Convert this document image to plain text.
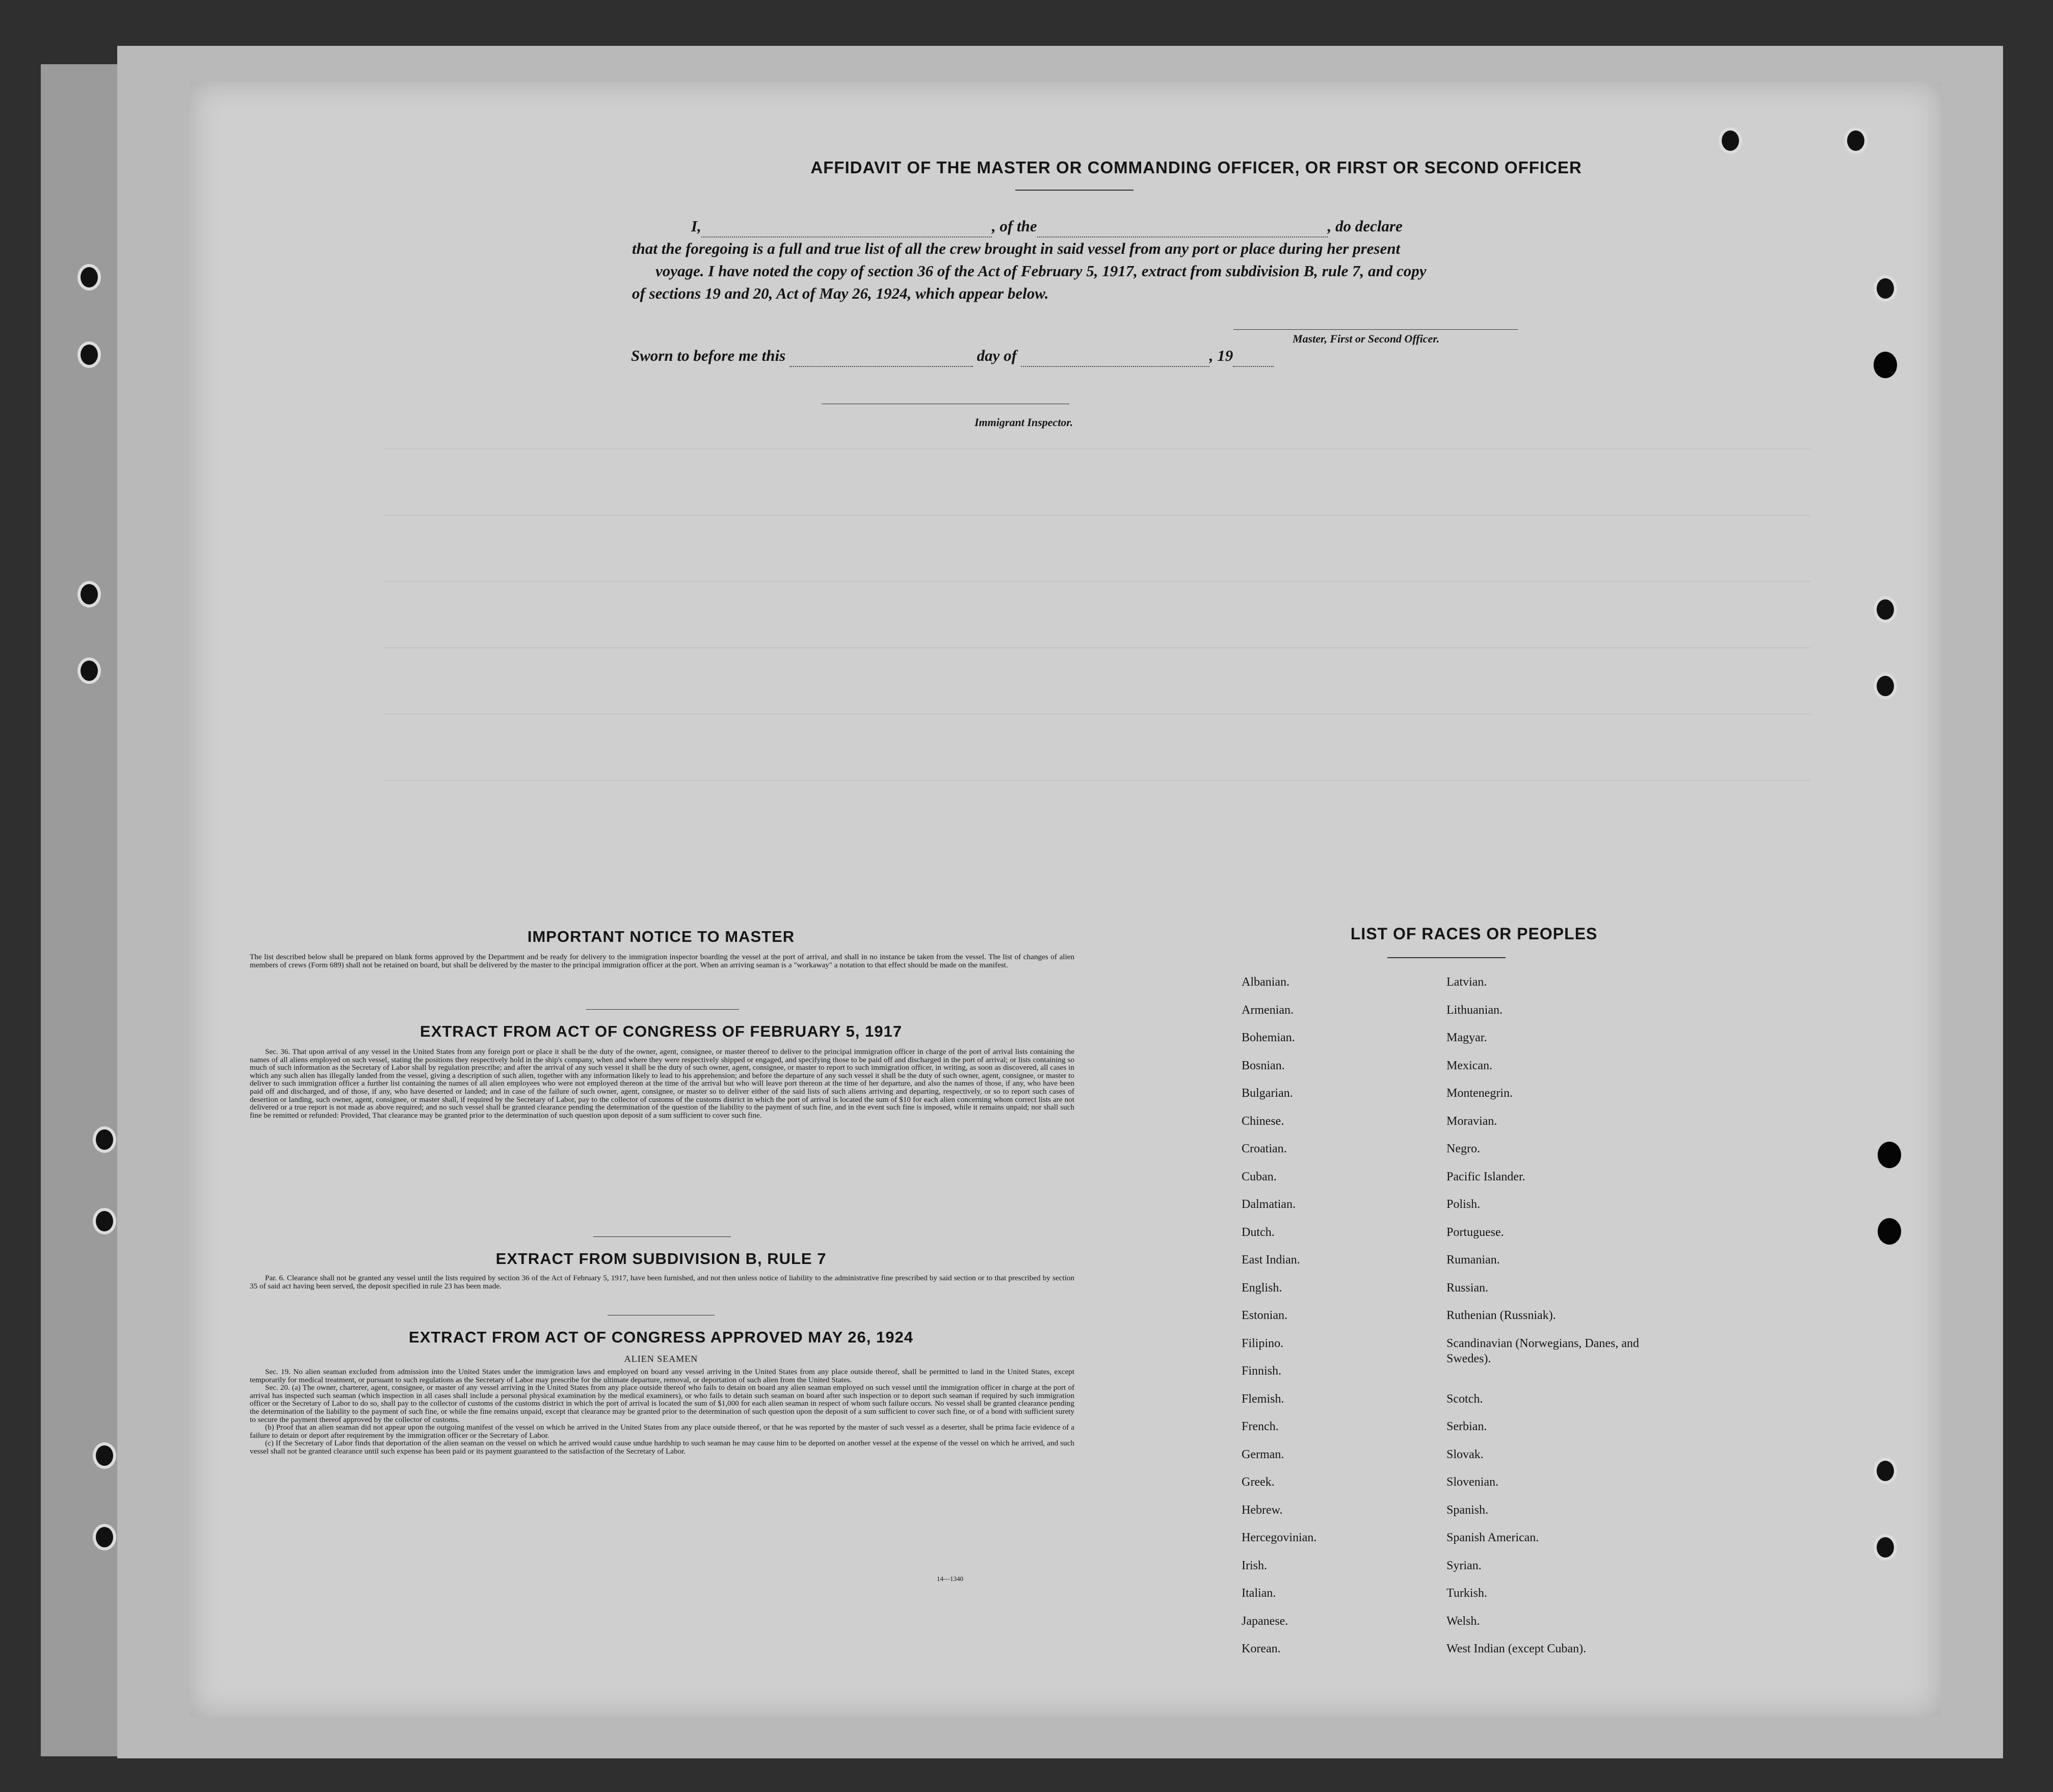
AFFIDAVIT OF THE MASTER OR COMMANDING OFFICER, OR FIRST OR SECOND OFFICER
I,	, of the	, do declare
that the foregoing is a full and true list of all the crew brought in said vessel from any port or place during her present
voyage. I have noted the copy of section 36 of the Act of February 5, 1917, extract from subdivision B, rule 7, and copy
of sections 19 and 20, Act of May 26, 1924, which appear below.
Master, First or Second Officer.
Sworn to before me this	day of	, 19
Immigrant Inspector.
IMPORTANT NOTICE TO MASTER
The list described below shall be prepared on blank forms approved by the Department and be ready for delivery to the immigration inspector boarding the vessel at the port of arrival, and shall in no instance be taken from the vessel. The list of changes of alien members of crews (Form 689) shall not be retained on board, but shall be delivered by the master to the principal immigration officer at the port. When an arriving seaman is a "workaway" a notation to that effect should be made on the manifest.
EXTRACT FROM ACT OF CONGRESS OF FEBRUARY 5, 1917
Sec. 36. That upon arrival of any vessel in the United States from any foreign port or place it shall be the duty of the owner, agent, consignee, or master thereof to deliver to the principal immigration officer in charge of the port of arrival lists containing the names of all aliens employed on such vessel, stating the positions they respectively hold in the ship's company, when and where they were respectively shipped or engaged, and specifying those to be paid off and discharged in the port of arrival; or lists containing so much of such information as the Secretary of Labor shall by regulation prescribe; and after the arrival of any such vessel it shall be the duty of such owner, agent, consignee, or master to report to such immigration officer, in writing, as soon as discovered, all cases in which any such alien has illegally landed from the vessel, giving a description of such alien, together with any information likely to lead to his apprehension; and before the departure of any such vessel it shall be the duty of such owner, agent, consignee, or master to deliver to such immigration officer a further list containing the names of all alien employees who were not employed thereon at the time of the arrival but who will leave port thereon at the time of her departure, and also the names of those, if any, who have been paid off and discharged, and of those, if any, who have deserted or landed; and in case of the failure of such owner, agent, consignee, or master so to deliver either of the said lists of such aliens arriving and departing, respectively, or so to report such cases of desertion or landing, such owner, agent, consignee, or master shall, if required by the Secretary of Labor, pay to the collector of customs of the customs district in which the port of arrival is located the sum of $10 for each alien concerning whom correct lists are not delivered or a true report is not made as above required; and no such vessel shall be granted clearance pending the determination of the question of the liability to the payment of such fine, and in the event such fine is imposed, while it remains unpaid; nor shall such fine be remitted or refunded: Provided, That clearance may be granted prior to the determination of such question upon deposit of a sum sufficient to cover such fine.
EXTRACT FROM SUBDIVISION B, RULE 7
Par. 6. Clearance shall not be granted any vessel until the lists required by section 36 of the Act of February 5, 1917, have been furnished, and not then unless notice of liability to the administrative fine prescribed by said section or to that prescribed by section 35 of said act having been served, the deposit specified in rule 23 has been made.
EXTRACT FROM ACT OF CONGRESS APPROVED MAY 26, 1924
ALIEN SEAMEN
Sec. 19. No alien seaman excluded from admission into the United States under the immigration laws and employed on board any vessel arriving in the United States from any place outside thereof, shall be permitted to land in the United States, except temporarily for medical treatment, or pursuant to such regulations as the Secretary of Labor may prescribe for the ultimate departure, removal, or deportation of such alien from the United States.
Sec. 20. (a) The owner, charterer, agent, consignee, or master of any vessel arriving in the United States from any place outside thereof who fails to detain on board any alien seaman employed on such vessel until the immigration officer in charge at the port of arrival has inspected such seaman (which inspection in all cases shall include a personal physical examination by the medical examiners), or who fails to detain such seaman on board after such inspection or to deport such seaman if required by such immigration officer or the Secretary of Labor to do so, shall pay to the collector of customs of the customs district in which the port of arrival is located the sum of $1,000 for each alien seaman in respect of whom such failure occurs. No vessel shall be granted clearance pending the determination of the liability to the payment of such fine, or while the fine remains unpaid, except that clearance may be granted prior to the determination of such question upon the deposit of a sum sufficient to cover such fine, or of a bond with sufficient surety to secure the payment thereof approved by the collector of customs.
(b) Proof that an alien seaman did not appear upon the outgoing manifest of the vessel on which he arrived in the United States from any place outside thereof, or that he was reported by the master of such vessel as a deserter, shall be prima facie evidence of a failure to detain or deport after requirement by the immigration officer or the Secretary of Labor.
(c) If the Secretary of Labor finds that deportation of the alien seaman on the vessel on which he arrived would cause undue hardship to such seaman he may cause him to be deported on another vessel at the expense of the vessel on which he arrived, and such vessel shall not be granted clearance until such expense has been paid or its payment guaranteed to the satisfaction of the Secretary of Labor.
14—1340
LIST OF RACES OR PEOPLES
Albanian.
Armenian.
Bohemian.
Bosnian.
Bulgarian.
Chinese.
Croatian.
Cuban.
Dalmatian.
Dutch.
East Indian.
English.
Estonian.
Filipino.
Finnish.
Flemish.
French.
German.
Greek.
Hebrew.
Hercegovinian.
Irish.
Italian.
Japanese.
Korean.
Latvian.
Lithuanian.
Magyar.
Mexican.
Montenegrin.
Moravian.
Negro.
Pacific Islander.
Polish.
Portuguese.
Rumanian.
Russian.
Ruthenian (Russniak).
Scandinavian (Norwegians, Danes, and Swedes).
Scotch.
Serbian.
Slovak.
Slovenian.
Spanish.
Spanish American.
Syrian.
Turkish.
Welsh.
West Indian (except Cuban).
